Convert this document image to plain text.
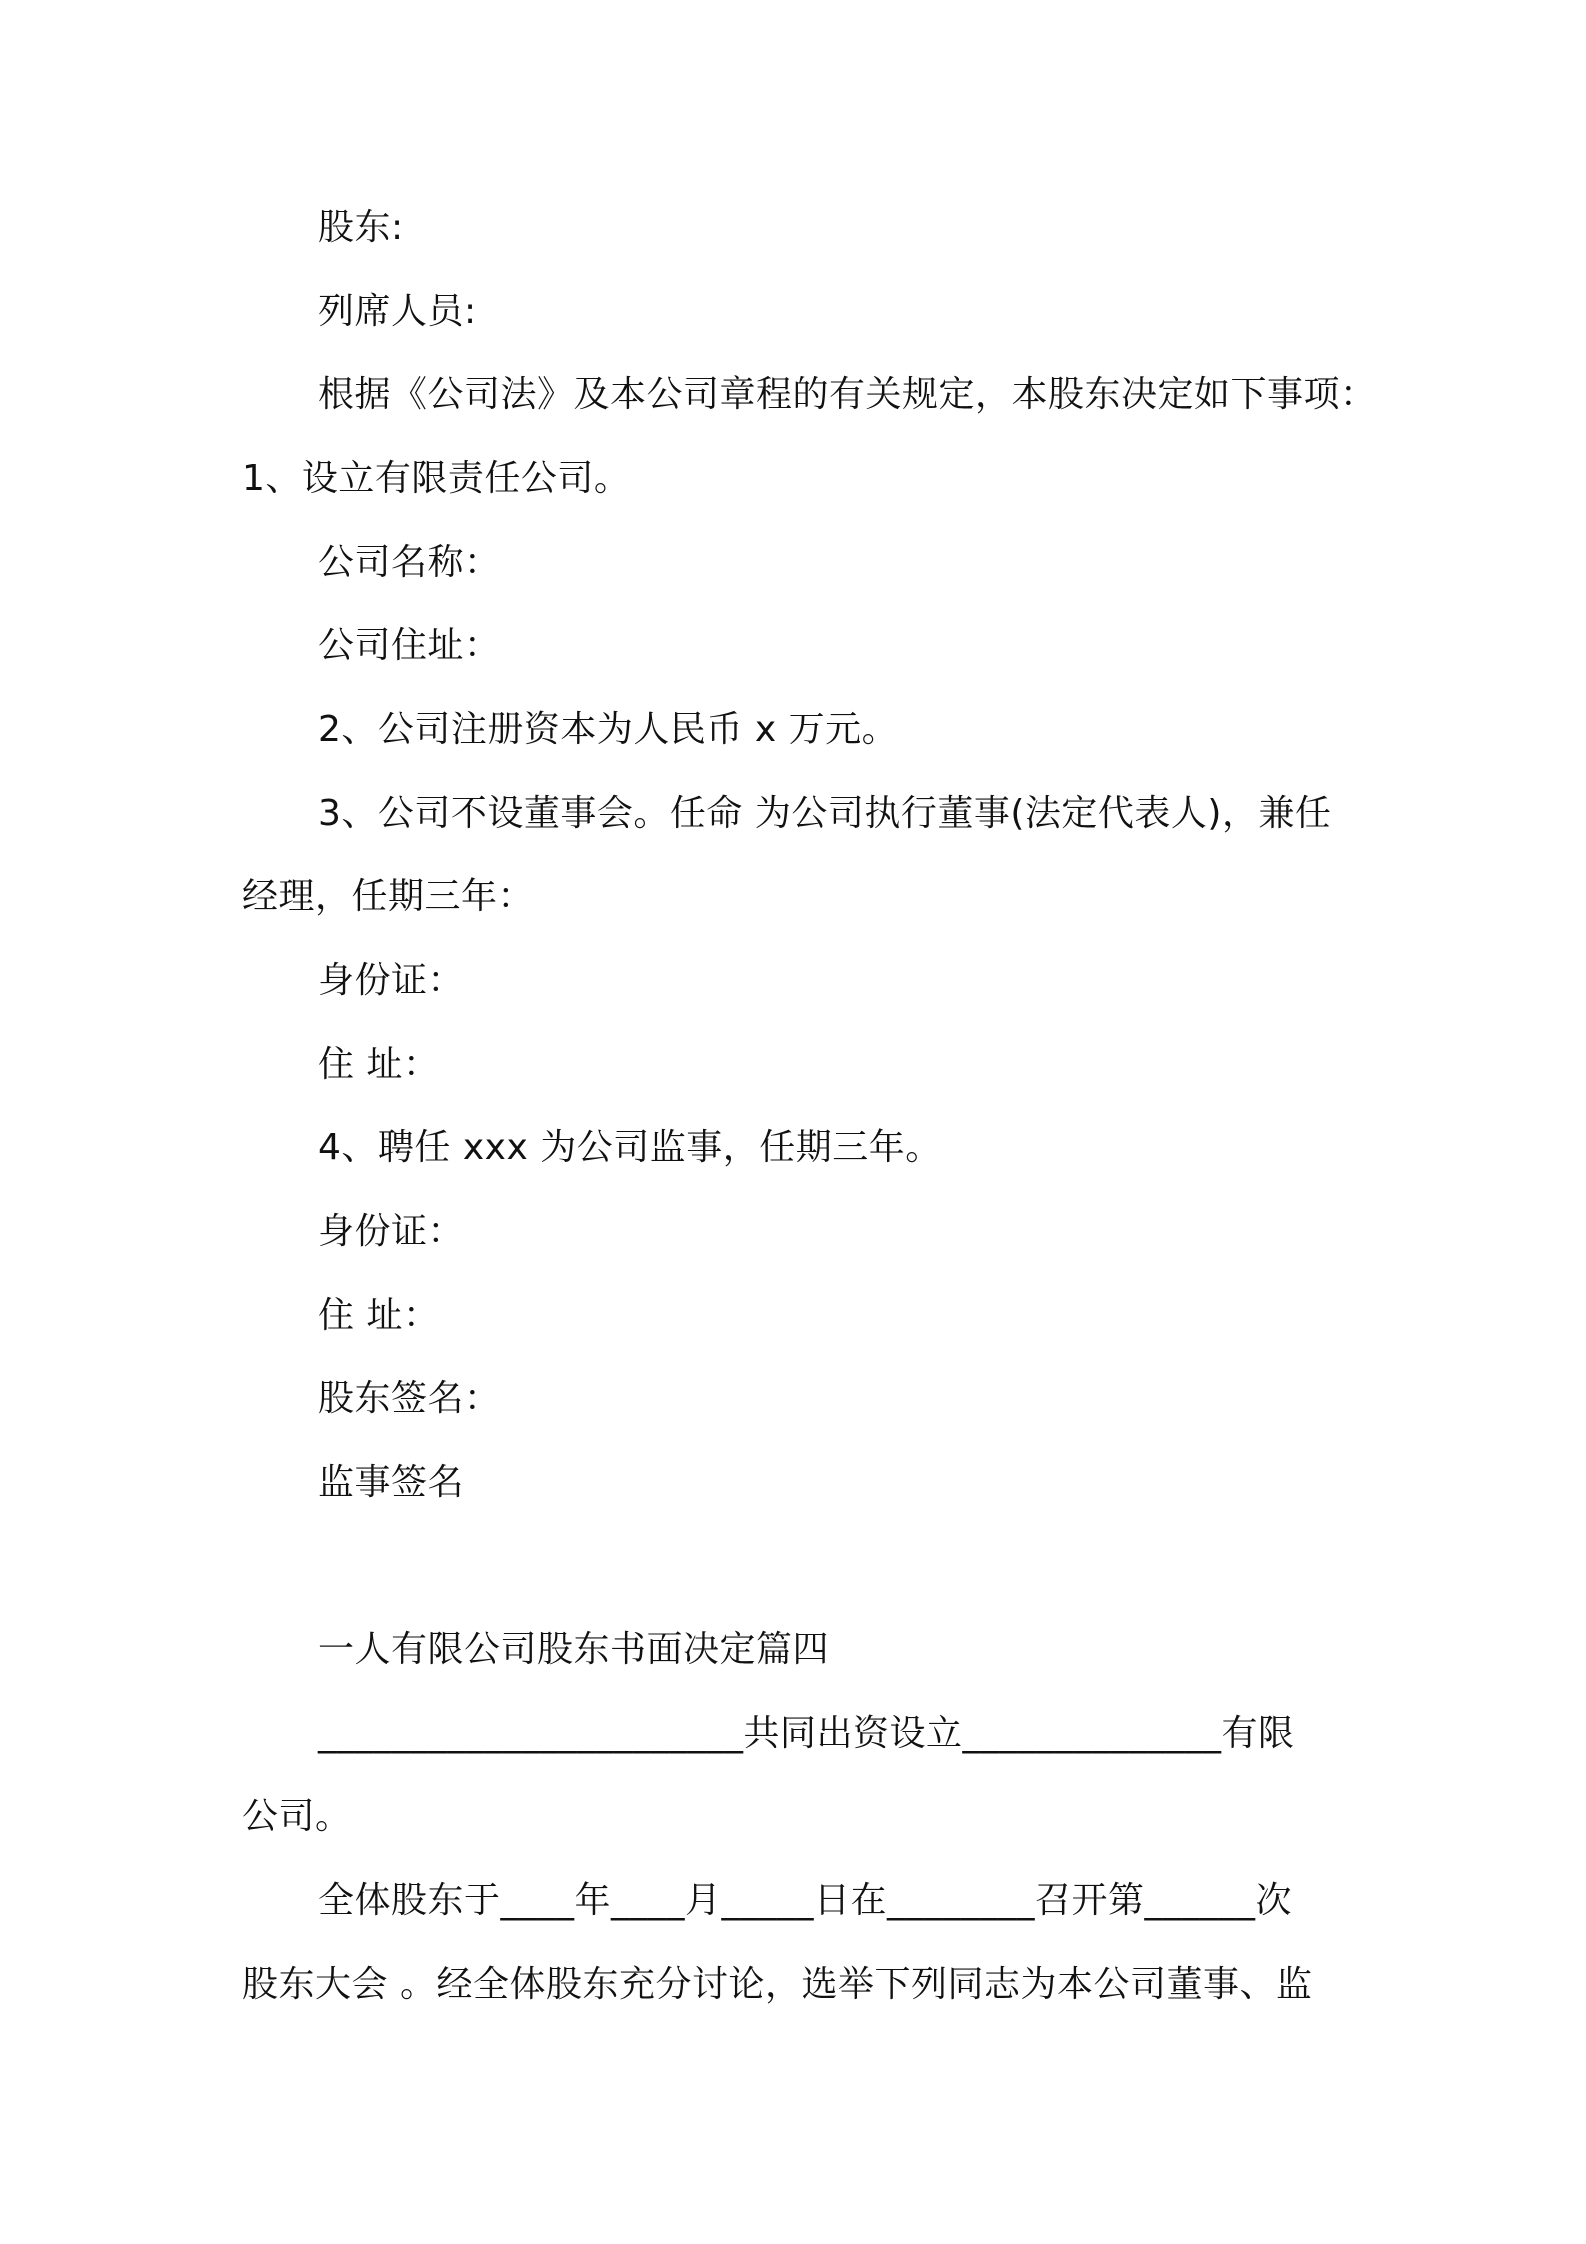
股东:
列席人员:
根据《公司法》及本公司章程的有关规定，本股东决定如下事项：
1、设立有限责任公司。
公司名称：
公司住址：
2、公司注册资本为人民币 x 万元。
3、公司不设董事会。任命 为公司执行董事(法定代表人)，兼任
经理，任期三年：
身份证：
住 址：
4、聘任 xxx 为公司监事，任期三年。
身份证：
住 址：
股东签名：
监事签名
一人有限公司股东书面决定篇四
_______________________共同出资设立______________有限
公司。
全体股东于____年____月_____日在________召开第______次
股东大会 。经全体股东充分讨论，选举下列同志为本公司董事、监
